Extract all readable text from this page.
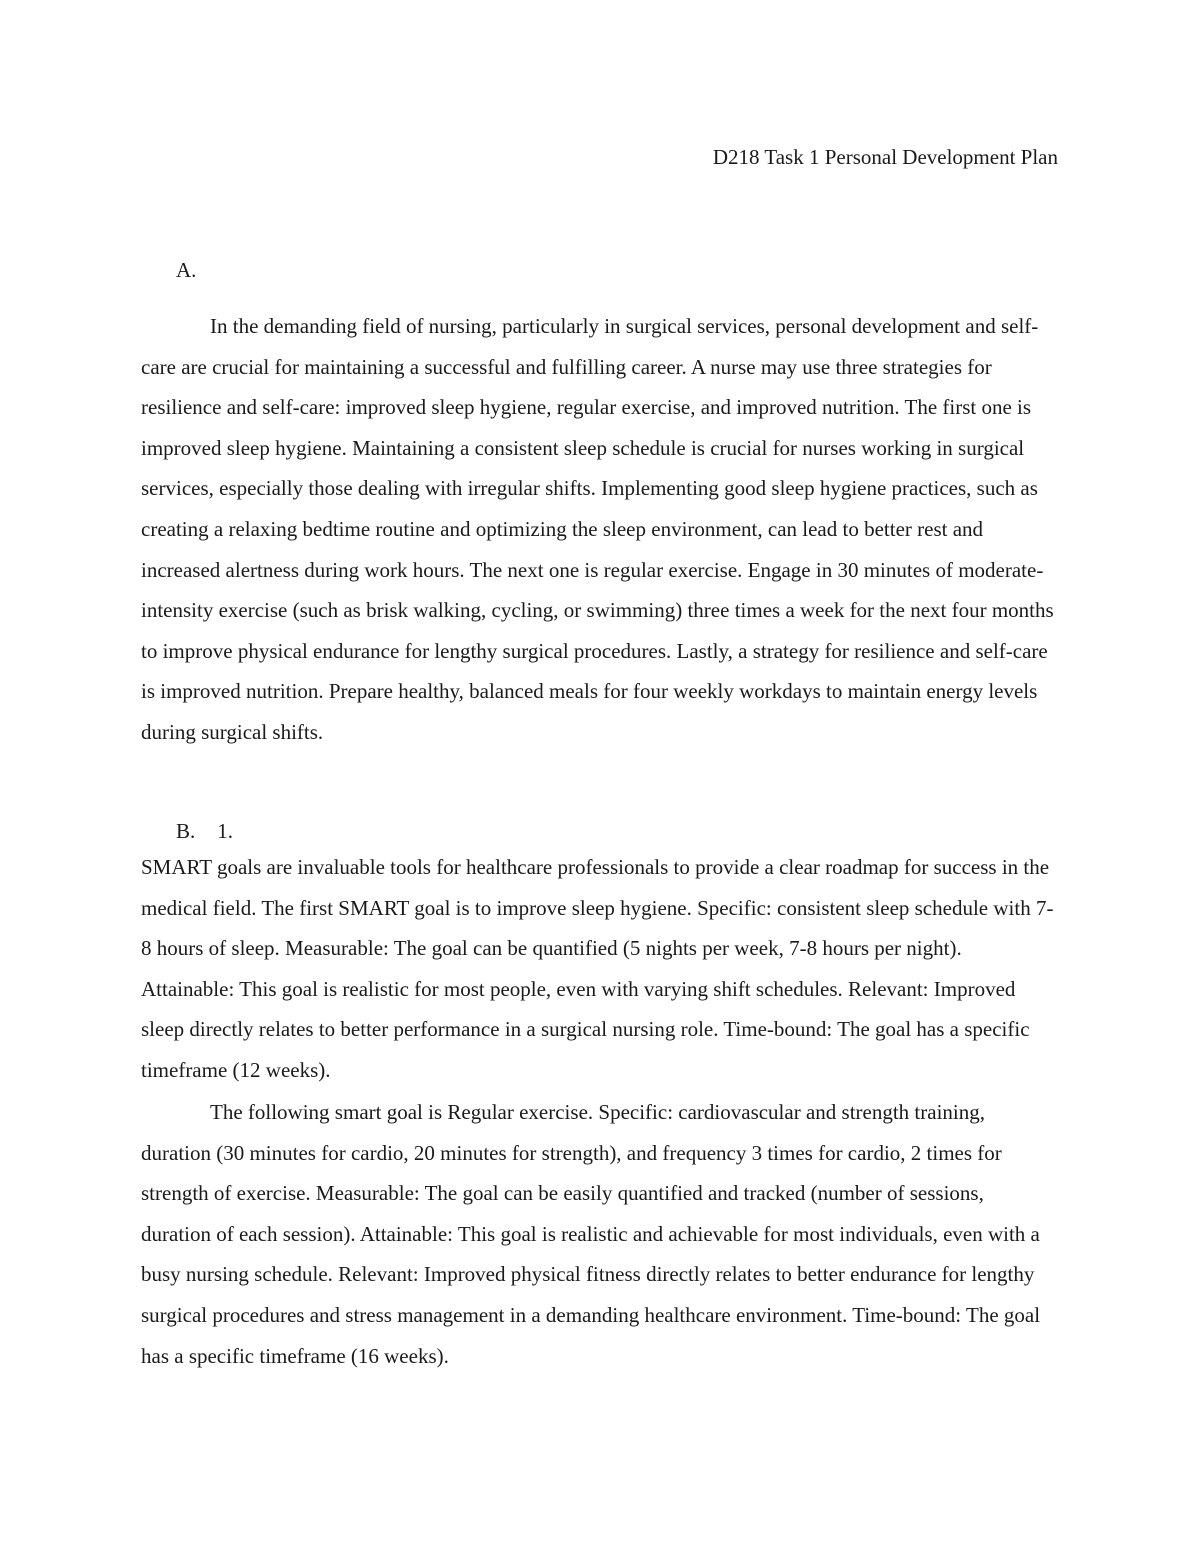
D218 Task 1 Personal Development Plan
A.

In the demanding field of nursing, particularly in surgical services, personal development and self-care are crucial for maintaining a successful and fulfilling career. A nurse may use three strategies for resilience and self-care: improved sleep hygiene, regular exercise, and improved nutrition. The first one is improved sleep hygiene. Maintaining a consistent sleep schedule is crucial for nurses working in surgical services, especially those dealing with irregular shifts. Implementing good sleep hygiene practices, such as creating a relaxing bedtime routine and optimizing the sleep environment, can lead to better rest and increased alertness during work hours. The next one is regular exercise. Engage in 30 minutes of moderate-intensity exercise (such as brisk walking, cycling, or swimming) three times a week for the next four months to improve physical endurance for lengthy surgical procedures. Lastly, a strategy for resilience and self-care is improved nutrition. Prepare healthy, balanced meals for four weekly workdays to maintain energy levels during surgical shifts.

B. 1.

SMART goals are invaluable tools for healthcare professionals to provide a clear roadmap for success in the medical field. The first SMART goal is to improve sleep hygiene. Specific: consistent sleep schedule with 7-8 hours of sleep. Measurable: The goal can be quantified (5 nights per week, 7-8 hours per night). Attainable: This goal is realistic for most people, even with varying shift schedules. Relevant: Improved sleep directly relates to better performance in a surgical nursing role. Time-bound: The goal has a specific timeframe (12 weeks).

The following smart goal is Regular exercise. Specific: cardiovascular and strength training, duration (30 minutes for cardio, 20 minutes for strength), and frequency 3 times for cardio, 2 times for strength of exercise. Measurable: The goal can be easily quantified and tracked (number of sessions, duration of each session). Attainable: This goal is realistic and achievable for most individuals, even with a busy nursing schedule. Relevant: Improved physical fitness directly relates to better endurance for lengthy surgical procedures and stress management in a demanding healthcare environment. Time-bound: The goal has a specific timeframe (16 weeks).
